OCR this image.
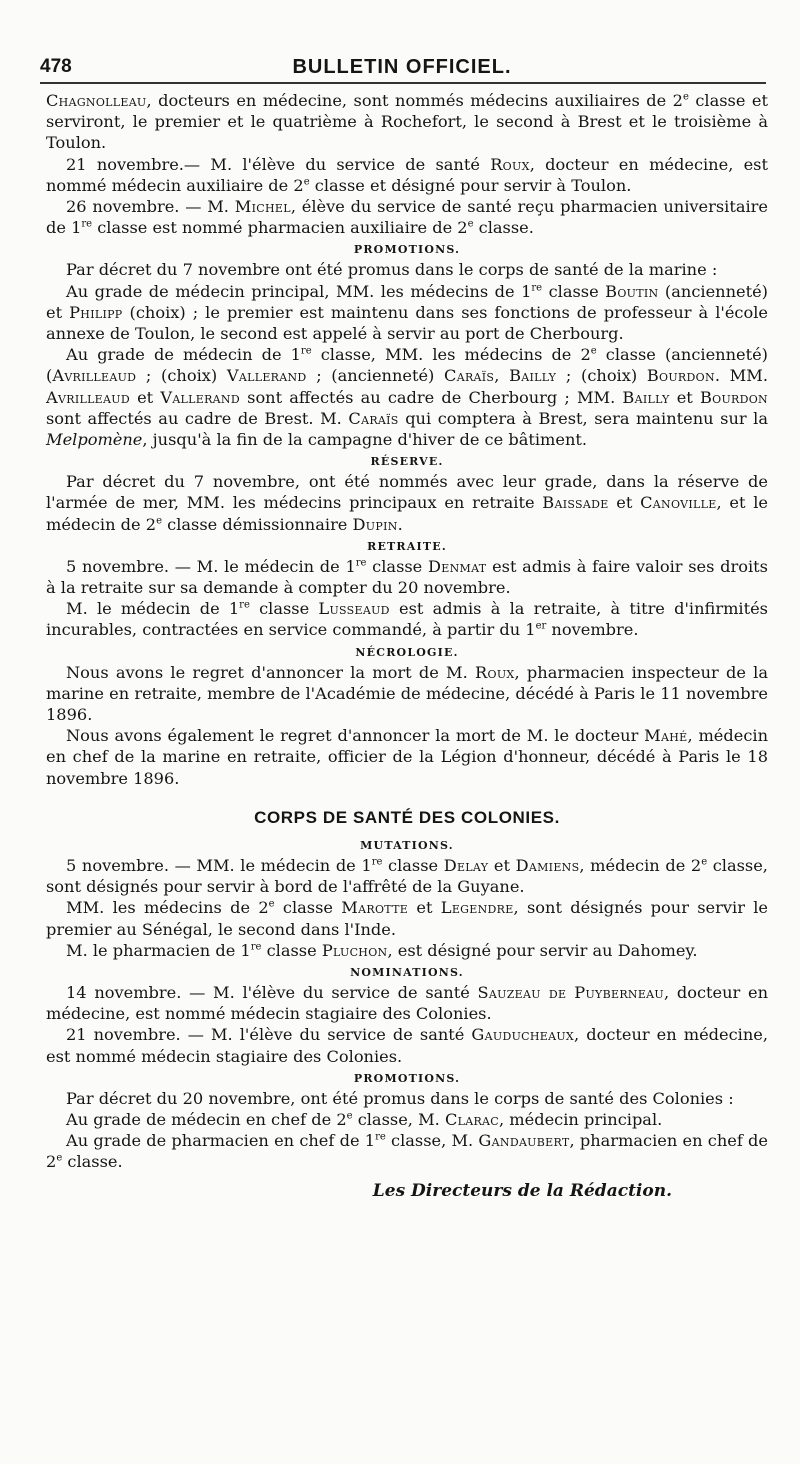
478	BULLETIN OFFICIEL.

Chagnolleau, docteurs en médecine, sont nommés médecins auxiliaires de 2e classe et serviront, le premier et le quatrième à Rochefort, le second à Brest et le troisième à Toulon.

21 novembre.— M. l'élève du service de santé Roux, docteur en médecine, est nommé médecin auxiliaire de 2e classe et désigné pour servir à Toulon.

26 novembre. — M. Michel, élève du service de santé reçu pharmacien universitaire de 1re classe est nommé pharmacien auxiliaire de 2e classe.

PROMOTIONS.

Par décret du 7 novembre ont été promus dans le corps de santé de la marine :

Au grade de médecin principal, MM. les médecins de 1re classe Boutin (ancienneté) et Philipp (choix) ; le premier est maintenu dans ses fonctions de professeur à l'école annexe de Toulon, le second est appelé à servir au port de Cherbourg.

Au grade de médecin de 1re classe, MM. les médecins de 2e classe (ancienneté) (Avrilleaud ; (choix) Vallerand ; (ancienneté) Caraïs, Bailly ; (choix) Bourdon. MM. Avrilleaud et Vallerand sont affectés au cadre de Cherbourg ; MM. Bailly et Bourdon sont affectés au cadre de Brest. M. Caraïs qui comptera à Brest, sera maintenu sur la Melpomène, jusqu'à la fin de la campagne d'hiver de ce bâtiment.

RÉSERVE.

Par décret du 7 novembre, ont été nommés avec leur grade, dans la réserve de l'armée de mer, MM. les médecins principaux en retraite Baissade et Canoville, et le médecin de 2e classe démissionnaire Dupin.

RETRAITE.

5 novembre. — M. le médecin de 1re classe Denmat est admis à faire valoir ses droits à la retraite sur sa demande à compter du 20 novembre.

M. le médecin de 1re classe Lusseaud est admis à la retraite, à titre d'infirmités incurables, contractées en service commandé, à partir du 1er novembre.

NÉCROLOGIE.

Nous avons le regret d'annoncer la mort de M. Roux, pharmacien inspecteur de la marine en retraite, membre de l'Académie de médecine, décédé à Paris le 11 novembre 1896.

Nous avons également le regret d'annoncer la mort de M. le docteur Mahé, médecin en chef de la marine en retraite, officier de la Légion d'honneur, décédé à Paris le 18 novembre 1896.

CORPS DE SANTÉ DES COLONIES.
MUTATIONS.

5 novembre. — MM. le médecin de 1re classe Delay et Damiens, médecin de 2e classe, sont désignés pour servir à bord de l'affrêté de la Guyane.

MM. les médecins de 2e classe Marotte et Legendre, sont désignés pour servir le premier au Sénégal, le second dans l'Inde.

M. le pharmacien de 1re classe Pluchon, est désigné pour servir au Dahomey.

NOMINATIONS.

14 novembre. — M. l'élève du service de santé Sauzeau de Puyberneau, docteur en médecine, est nommé médecin stagiaire des Colonies.

21 novembre. — M. l'élève du service de santé Gauducheaux, docteur en médecine, est nommé médecin stagiaire des Colonies.

PROMOTIONS.

Par décret du 20 novembre, ont été promus dans le corps de santé des Colonies :

Au grade de médecin en chef de 2e classe, M. Clarac, médecin principal.

Au grade de pharmacien en chef de 1re classe, M. Gandaubert, pharmacien en chef de 2e classe.

Les Directeurs de la Rédaction.
